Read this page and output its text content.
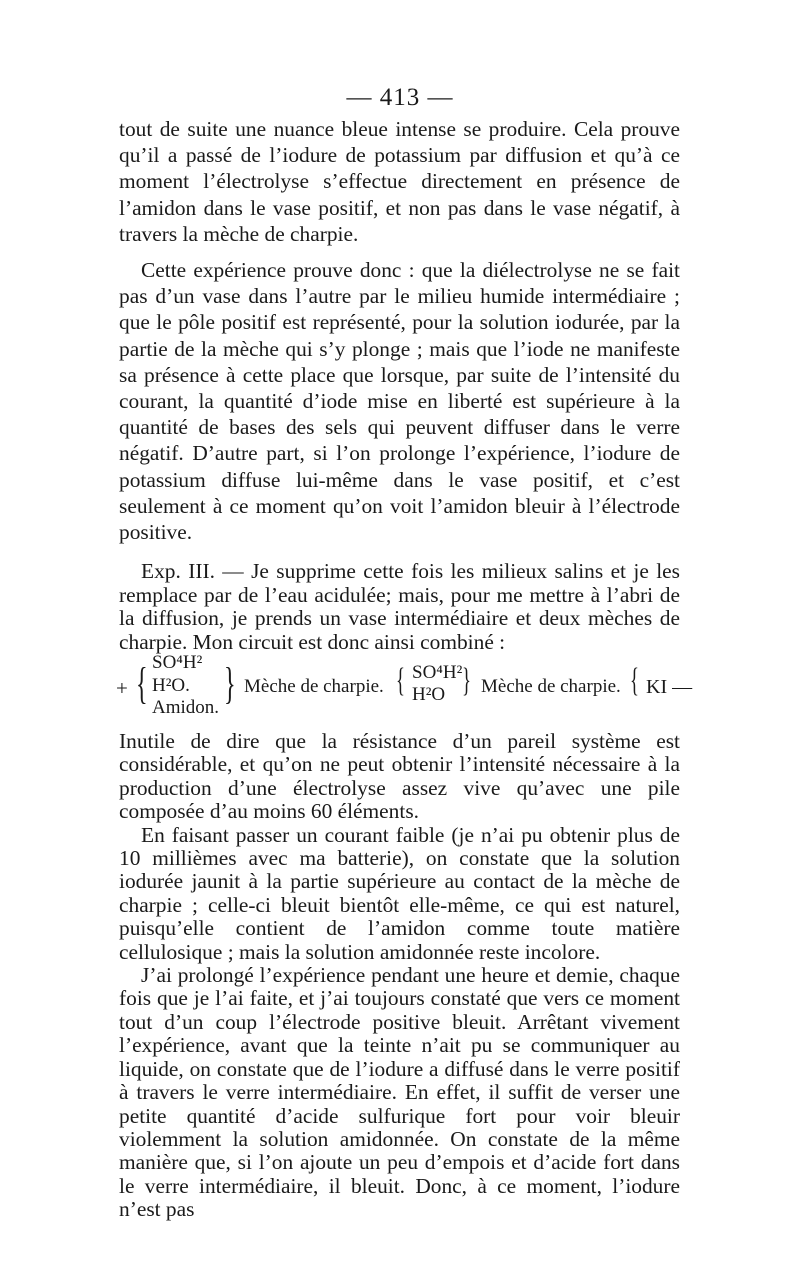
— 413 —

tout de suite une nuance bleue intense se produire. Cela prouve qu’il a passé de l’iodure de potassium par diffusion et qu’à ce moment l’électrolyse s’effectue directement en présence de l’amidon dans le vase positif, et non pas dans le vase négatif, à travers la mèche de charpie.

Cette expérience prouve donc : que la diélectrolyse ne se fait pas d’un vase dans l’autre par le milieu humide intermédiaire ; que le pôle positif est représenté, pour la solution iodurée, par la partie de la mèche qui s’y plonge ; mais que l’iode ne manifeste sa présence à cette place que lorsque, par suite de l’intensité du courant, la quantité d’iode mise en liberté est supérieure à la quantité de bases des sels qui peuvent diffuser dans le verre négatif. D’autre part, si l’on prolonge l’expérience, l’iodure de potassium diffuse lui-même dans le vase positif, et c’est seulement à ce moment qu’on voit l’amidon bleuir à l’électrode positive.

Exp. III. — Je supprime cette fois les milieux salins et je les remplace par de l’eau acidulée; mais, pour me mettre à l’abri de la diffusion, je prends un vase intermédiaire et deux mèches de charpie. Mon circuit est donc ainsi combiné :

+ { SO⁴H²
H²O.
Amidon. } Mèche de charpie. { SO⁴H²
H²O } Mèche de charpie. { KI —

Inutile de dire que la résistance d’un pareil système est considérable, et qu’on ne peut obtenir l’intensité nécessaire à la production d’une électrolyse assez vive qu’avec une pile composée d’au moins 60 éléments.

En faisant passer un courant faible (je n’ai pu obtenir plus de 10 millièmes avec ma batterie), on constate que la solution iodurée jaunit à la partie supérieure au contact de la mèche de charpie ; celle-ci bleuit bientôt elle-même, ce qui est naturel, puisqu’elle contient de l’amidon comme toute matière cellulosique ; mais la solution amidonnée reste incolore.

J’ai prolongé l’expérience pendant une heure et demie, chaque fois que je l’ai faite, et j’ai toujours constaté que vers ce moment tout d’un coup l’électrode positive bleuit. Arrêtant vivement l’expérience, avant que la teinte n’ait pu se communiquer au liquide, on constate que de l’iodure a diffusé dans le verre positif à travers le verre intermédiaire. En effet, il suffit de verser une petite quantité d’acide sulfurique fort pour voir bleuir violemment la solution amidonnée. On constate de la même manière que, si l’on ajoute un peu d’empois et d’acide fort dans le verre intermédiaire, il bleuit. Donc, à ce moment, l’iodure n’est pas
